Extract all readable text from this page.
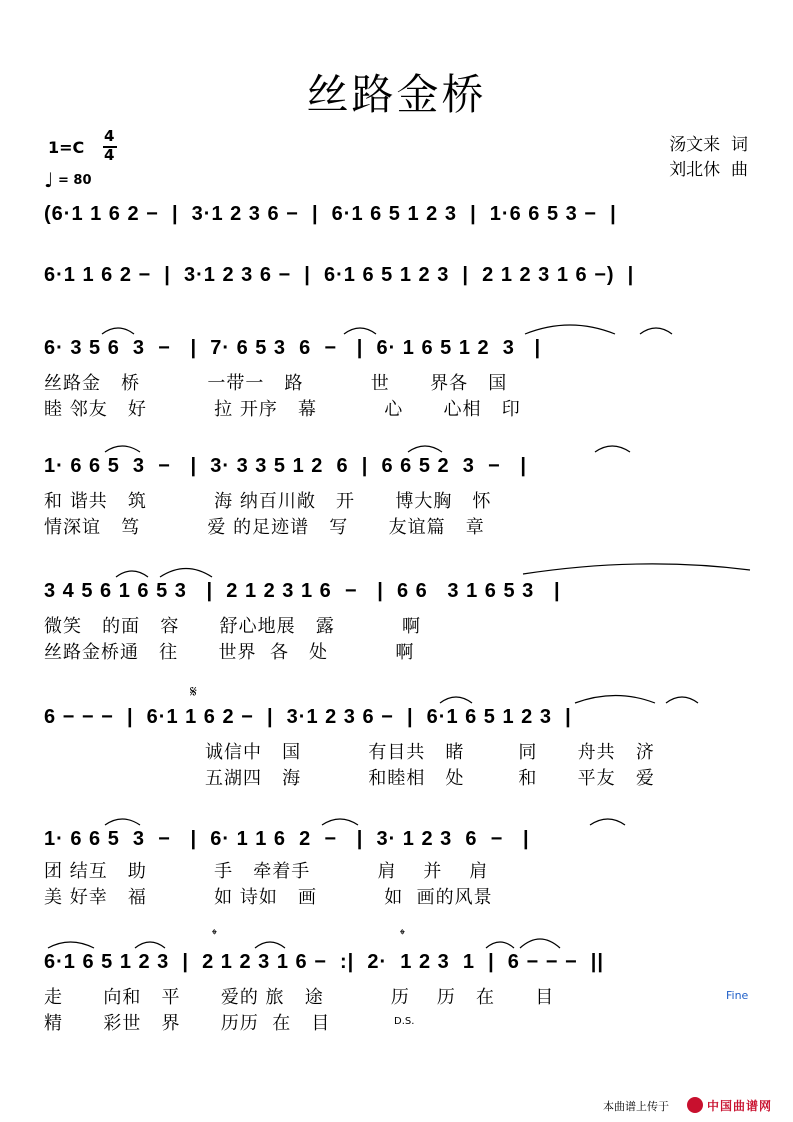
丝路金桥
1=C
4
4
♩ = 80
汤文来  词
刘北休  曲
(6·1 1 6 2 −  |  3·1 2 3 6 −  |  6·1 6 5 1 2 3  |  1·6 6 5 3 −  |
6·1 1 6 2 −  |  3·1 2 3 6 −  |  6·1 6 5 1 2 3  |  2 1 2 3 1 6 −)  |
6· 3 5 6  3  −   |  7· 6 5 3  6  −   |  6· 1 6 5 1 2  3   |
1· 6 6 5  3  −   |  3· 3 3 5 1 2  6  |  6 6 5 2  3  −   |
3 4 5 6 1 6 5 3   |  2 1 2 3 1 6  −   |  6 6   3 1 6 5 3   |
6 − − −  |  6·1 1 6 2 −  |  3·1 2 3 6 −  |  6·1 6 5 1 2 3  |
1· 6 6 5  3  −   |  6· 1 1 6  2  −   |  3· 1 2 3  6  −   |
6·1 6 5 1 2 3  |  2 1 2 3 1 6 −  :|  2·  1 2 3  1  |  6 − − −  ||
丝路金   桥          一带一   路          世      界各   国
睦 邻友   好          拉 开序   幕          心      心相   印
和 谐共   筑          海 纳百川敞   开      博大胸   怀
情深谊   笃          爱 的足迹谱   写      友谊篇   章
微笑   的面   容      舒心地展   露          啊
丝路金桥通   往      世界  各   处          啊
诚信中   国          有目共   睹        同      舟共   济
五湖四   海          和睦相   处        和      平友   爱
团 结互   助          手   牵着手          肩    并    肩
美 好幸   福          如 诗如   画          如  画的风景
走      向和   平      爱的 旅   途          历    历   在      目
精      彩世   界      历历  在   目
𝄋
𝄌	𝄌
D.S.
Fine
本曲谱上传于	中国曲谱网
